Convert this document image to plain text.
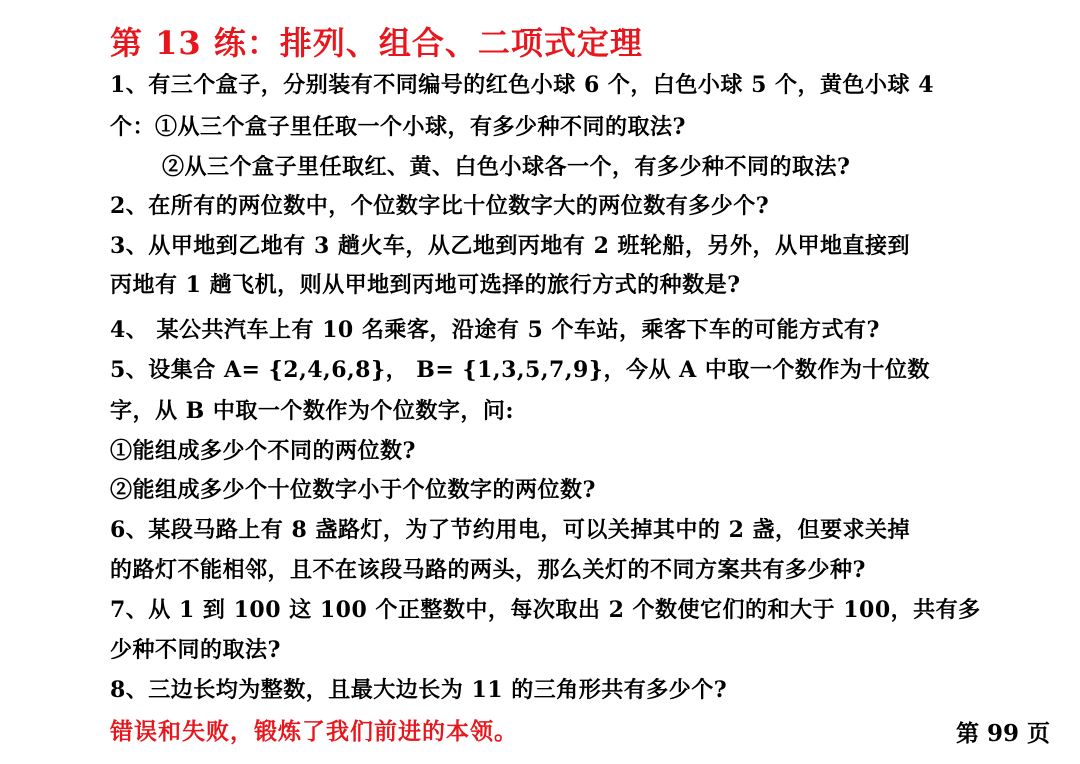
第 13 练：排列、组合、二项式定理
1、有三个盒子，分别装有不同编号的红色小球 6 个，白色小球 5 个，黄色小球 4
个：①从三个盒子里任取一个小球，有多少种不同的取法?
②从三个盒子里任取红、黄、白色小球各一个，有多少种不同的取法?
2、在所有的两位数中，个位数字比十位数字大的两位数有多少个?
3、从甲地到乙地有 3 趟火车，从乙地到丙地有 2 班轮船，另外，从甲地直接到
丙地有 1 趟飞机，则从甲地到丙地可选择的旅行方式的种数是?
4、 某公共汽车上有 10 名乘客，沿途有 5 个车站，乘客下车的可能方式有?
5、设集合 A= {2,4,6,8}， B= {1,3,5,7,9}，今从 A 中取一个数作为十位数
字，从 B 中取一个数作为个位数字，问:
①能组成多少个不同的两位数?
②能组成多少个十位数字小于个位数字的两位数?
6、某段马路上有 8 盏路灯，为了节约用电，可以关掉其中的 2 盏，但要求关掉
的路灯不能相邻，且不在该段马路的两头，那么关灯的不同方案共有多少种?
7、从 1 到 100 这 100 个正整数中，每次取出 2 个数使它们的和大于 100，共有多
少种不同的取法?
8、三边长均为整数，且最大边长为 11 的三角形共有多少个?
错误和失败，锻炼了我们前进的本领。	第 99 页
